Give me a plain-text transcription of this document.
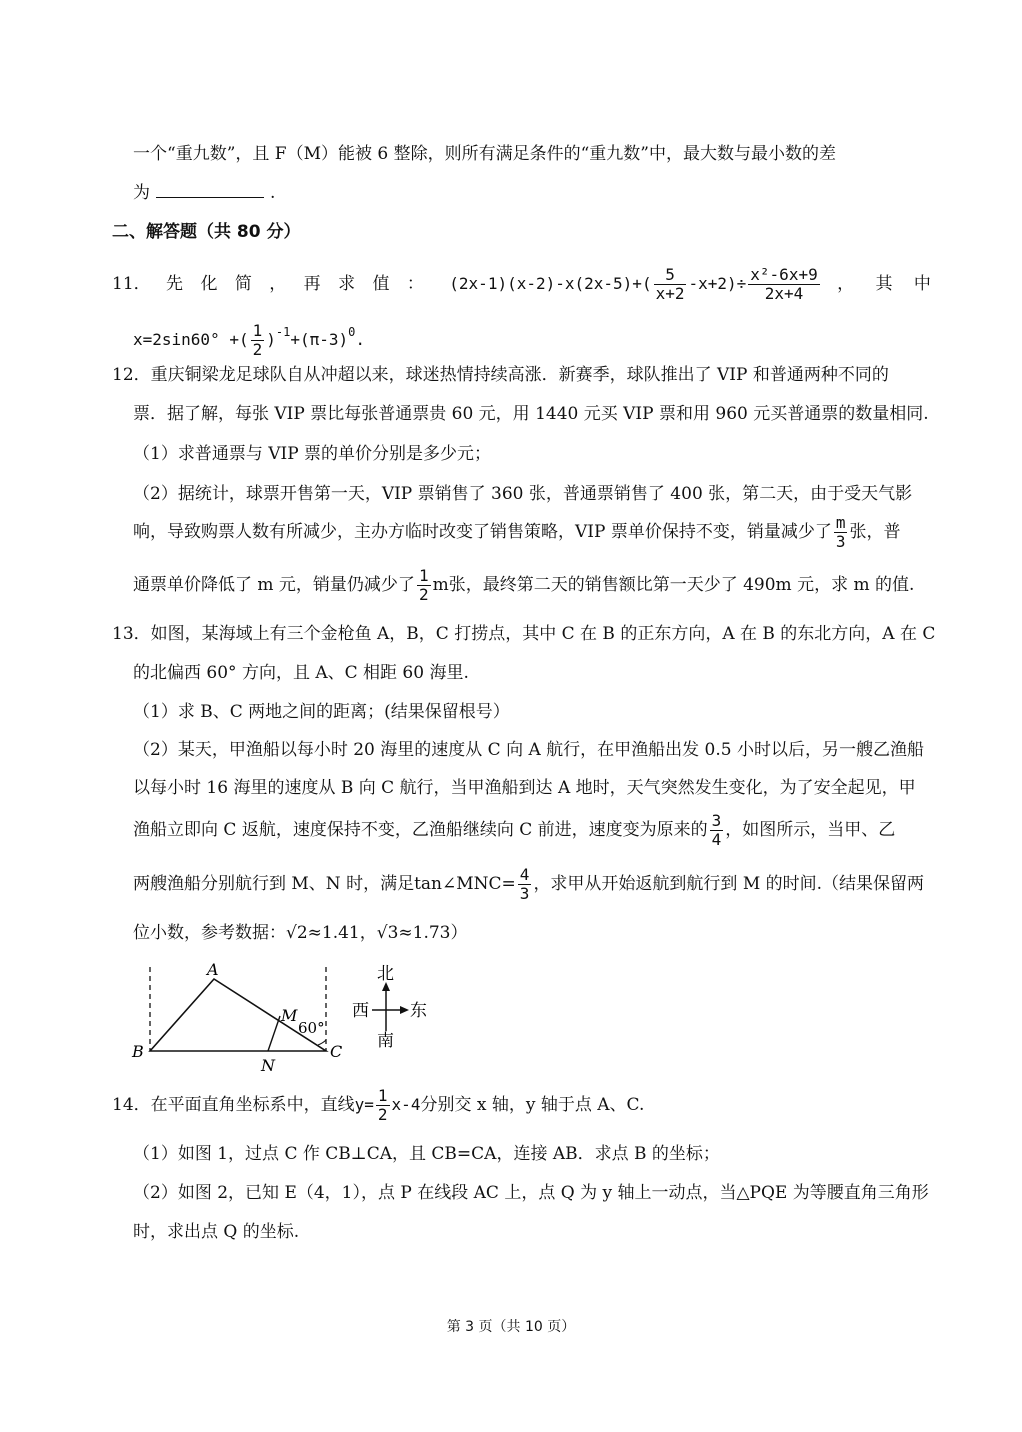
一个“重九数”，且 F（M）能被 6 整除，则所有满足条件的“重九数”中，最大数与最小数的差
为	.
二、解答题（共 80 分）
11． 先 化 简 ， 再 求 值 ： $(2x-1)(x-2)-x(2x-5)+( \frac{5}{x+2} -x+2)\div \frac{\text{x²-6x+9}}{2x+4}$ ， 其 中
x=2sin60° +( $\frac{1}{2} )^{-1}+(\pi-3)^0$.
12．重庆铜梁龙足球队自从冲超以来，球迷热情持续高涨．新赛季，球队推出了 VIP 和普通两种不同的
票．据了解，每张 VIP 票比每张普通票贵 60 元，用 1440 元买 VIP 票和用 960 元买普通票的数量相同.
（1）求普通票与 VIP 票的单价分别是多少元；
（2）据统计，球票开售第一天，VIP 票销售了 360 张，普通票销售了 400 张，第二天，由于受天气影
响，导致购票人数有所减少，主办方临时改变了销售策略，VIP 票单价保持不变，销量减少了 $\frac{m}{3}$ 张，普
通票单价降低了 m 元，销量仍减少了 $\frac{1}{2}$ m张，最终第二天的销售额比第一天少了 490m 元，求 m 的值.
13．如图，某海域上有三个金枪鱼 A，B，C 打捞点，其中 C 在 B 的正东方向，A 在 B 的东北方向，A 在 C
的北偏西 60° 方向，且 A、C 相距 60 海里.
（1）求 B、C 两地之间的距离；(结果保留根号）
（2）某天，甲渔船以每小时 20 海里的速度从 C 向 A 航行，在甲渔船出发 0.5 小时以后，另一艘乙渔船
以每小时 16 海里的速度从 B 向 C 航行，当甲渔船到达 A 地时，天气突然发生变化，为了安全起见，甲
渔船立即向 C 返航，速度保持不变，乙渔船继续向 C 前进，速度变为原来的 $\frac{3}{4}$ ，如图所示，当甲、乙
两艘渔船分别航行到 M、N 时，满足tan∠MNC= $\frac{4}{3}$ ，求甲从开始返航到航行到 M 的时间.（结果保留两
位小数，参考数据：√2≈1.41，√3≈1.73）
A
B	C
M
N
60°
北
西 东
南
14．在平面直角坐标系中，直线$y= \frac{1}{2} x-4$分别交 x 轴，y 轴于点 A、C.
（1）如图 1，过点 C 作 CB⊥CA，且 CB=CA，连接 AB．求点 B 的坐标；
（2）如图 2，已知 E（4，1），点 P 在线段 AC 上，点 Q 为 y 轴上一动点，当△PQE 为等腰直角三角形
时，求出点 Q 的坐标.
第 3 页（共 10 页）
